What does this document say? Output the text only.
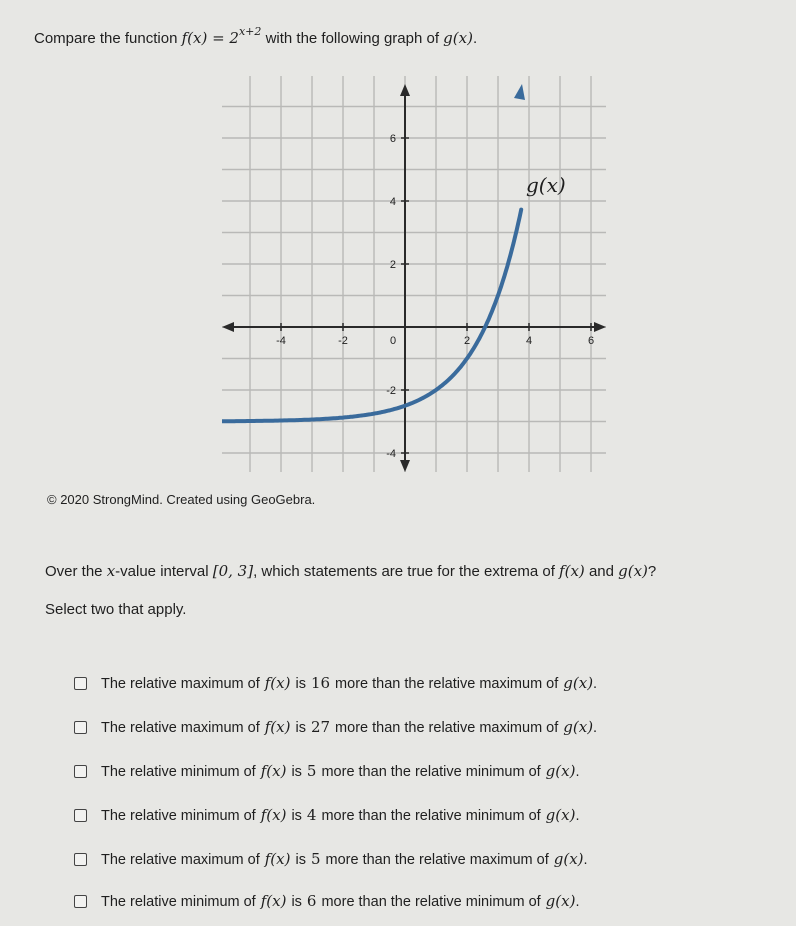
Compare the function $f(x) = 2^{x+2}$ with the following graph of g(x).
-4	-2	0	2	4	6
6
4
2
-2
-4
g(x)
© 2020 StrongMind. Created using GeoGebra.
Over the x-value interval [0, 3], which statements are true for the extrema of f(x) and g(x)?
Select two that apply.
The relative maximum of f(x) is 16 more than the relative maximum of g(x) .
The relative maximum of f(x) is 27 more than the relative maximum of g(x) .
The relative minimum of f(x) is 5 more than the relative minimum of g(x) .
The relative minimum of f(x) is 4 more than the relative minimum of g(x) .
The relative maximum of f(x) is 5 more than the relative maximum of g(x) .
The relative minimum of f(x) is 6 more than the relative minimum of g(x) .
